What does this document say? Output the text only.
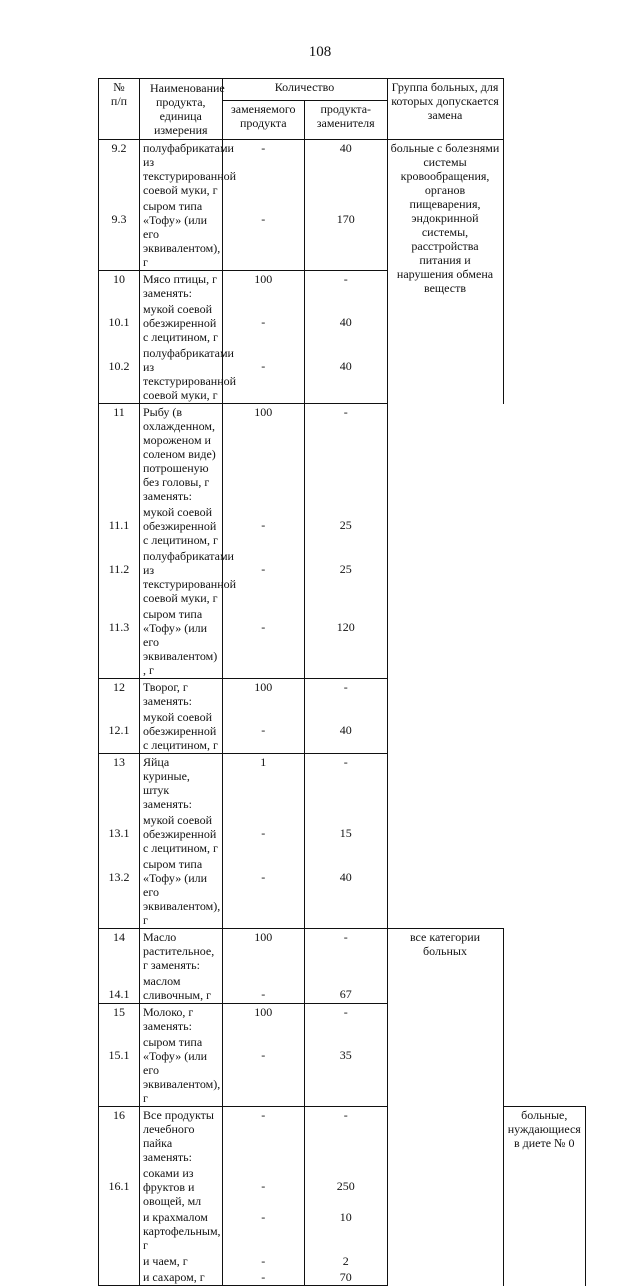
108
№
п/п	Наименование продукта, единица измерения	Количество		Группа больных, для которых допускается замена	
		заменяемого продукта	продукта-заменителя		
9.2	полуфабрикатами из текстурированной соевой муки, г	-	40	больные с болезнями системы кровообращения, органов пищеварения, эндокринной системы, расстройства питания и нарушения обмена веществ	
9.3	сыром типа «Тофу» (или его эквивалентом), г	-	170		
10	Мясо птицы, г заменять:	100	-		
10.1	мукой соевой обезжиренной с лецитином, г	-	40		
10.2	полуфабрикатами из текстурированной соевой муки, г	-	40		
11	Рыбу (в охлажденном, мороженом и соленом виде) потрошеную без головы, г заменять:	100	-		
11.1	мукой соевой обезжиренной с лецитином, г	-	25		
11.2	полуфабрикатами из текстурированной соевой муки, г	-	25		
11.3	сыром типа «Тофу» (или его эквивалентом) , г	-	120		
12	Творог, г заменять:	100	-		
12.1	мукой соевой обезжиренной с лецитином, г	-	40		
13	Яйца куриные, штук заменять:	1	-		
13.1	мукой соевой обезжиренной с лецитином, г	-	15		
13.2	сыром типа «Тофу» (или его эквивалентом), г	-	40		
14	Масло растительное, г заменять:	100	-	все категории больных	
14.1	маслом сливочным, г	-	67		
15	Молоко, г заменять:	100	-		
15.1	сыром типа «Тофу» (или его эквивалентом), г	-	35		
16	Все продукты лечебного пайка заменять:	-	-		больные, нуждающиеся в диете № 0
16.1	соками из фруктов и овощей, мл	-	250		
	и крахмалом картофельным, г	-	10		
	и чаем, г	-	2		
	и сахаром, г	-	70		
